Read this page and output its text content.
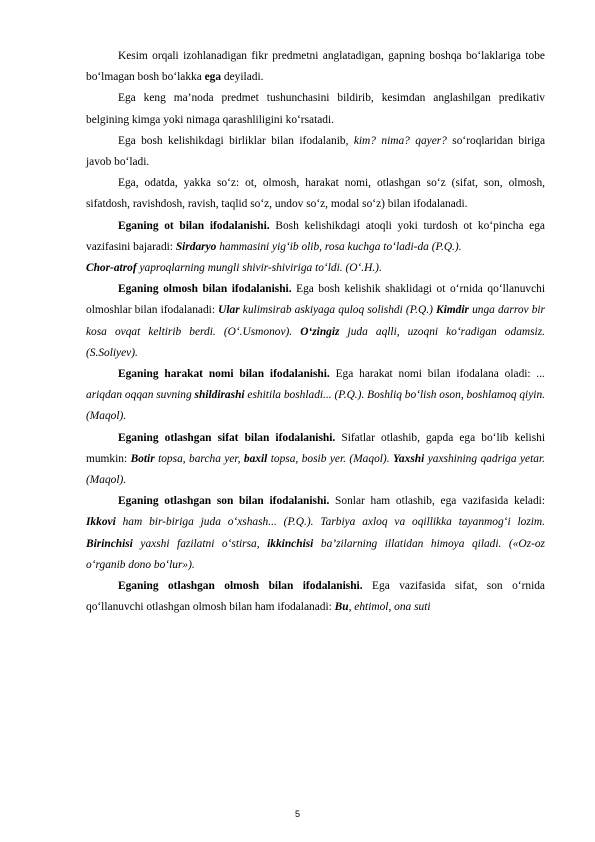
Kesim orqali izohlanadigan fikr predmetni anglatadigan, gapning boshqa bo‘laklariga tobe bo‘lmagan bosh bo‘lakka ega deyiladi.

Ega keng ma’noda predmet tushunchasini bildirib, kesimdan anglashilgan predikativ belgining kimga yoki nimaga qarashliligini ko‘rsatadi.

Ega bosh kelishikdagi birliklar bilan ifodalanib, kim? nima? qayer? so‘roqlaridan biriga javob bo‘ladi.

Ega, odatda, yakka so‘z: ot, olmosh, harakat nomi, otlashgan so‘z (sifat, son, olmosh, sifatdosh, ravishdosh, ravish, taqlid so‘z, undov so‘z, modal so‘z) bilan ifodalanadi.

Eganing ot bilan ifodalanishi. Bosh kelishikdagi atoqli yoki turdosh ot ko‘pincha ega vazifasini bajaradi: Sirdaryo hammasini yig‘ib olib, rosa kuchga to‘ladi-da (P.Q.).

Chor-atrof yaproqlarning mungli shivir-shiviriga to‘ldi. (O‘.H.).

Eganing olmosh bilan ifodalanishi. Ega bosh kelishik shaklidagi ot o‘rnida qo‘llanuvchi olmoshlar bilan ifodalanadi: Ular kulimsirab askiyaga quloq solishdi (P.Q.) Kimdir unga darrov bir kosa ovqat keltirib berdi. (O‘.Usmonov). O‘zingiz juda aqlli, uzoqni ko‘radigan odamsiz. (S.Soliyev).

Eganing harakat nomi bilan ifodalanishi. Ega harakat nomi bilan ifodalana oladi: ... ariqdan oqqan suvning shildirashi eshitila boshladi... (P.Q.). Boshliq bo‘lish oson, boshlamoq qiyin. (Maqol).

Eganing otlashgan sifat bilan ifodalanishi. Sifatlar otlashib, gapda ega bo‘lib kelishi mumkin: Botir topsa, barcha yer, baxil topsa, bosib yer. (Maqol). Yaxshi yaxshining qadriga yetar. (Maqol).

Eganing otlashgan son bilan ifodalanishi. Sonlar ham otlashib, ega vazifasida keladi: Ikkovi ham bir-biriga juda o‘xshash... (P.Q.). Tarbiya axloq va oqillikka tayanmog‘i lozim. Birinchisi yaxshi fazilatni o‘stirsa, ikkinchisi ba’zilarning illatidan himoya qiladi. («Oz-oz o‘rganib dono bo‘lur»).

Eganing otlashgan olmosh bilan ifodalanishi. Ega vazifasida sifat, son o‘rnida qo‘llanuvchi otlashgan olmosh bilan ham ifodalanadi: Bu, ehtimol, ona suti

5
